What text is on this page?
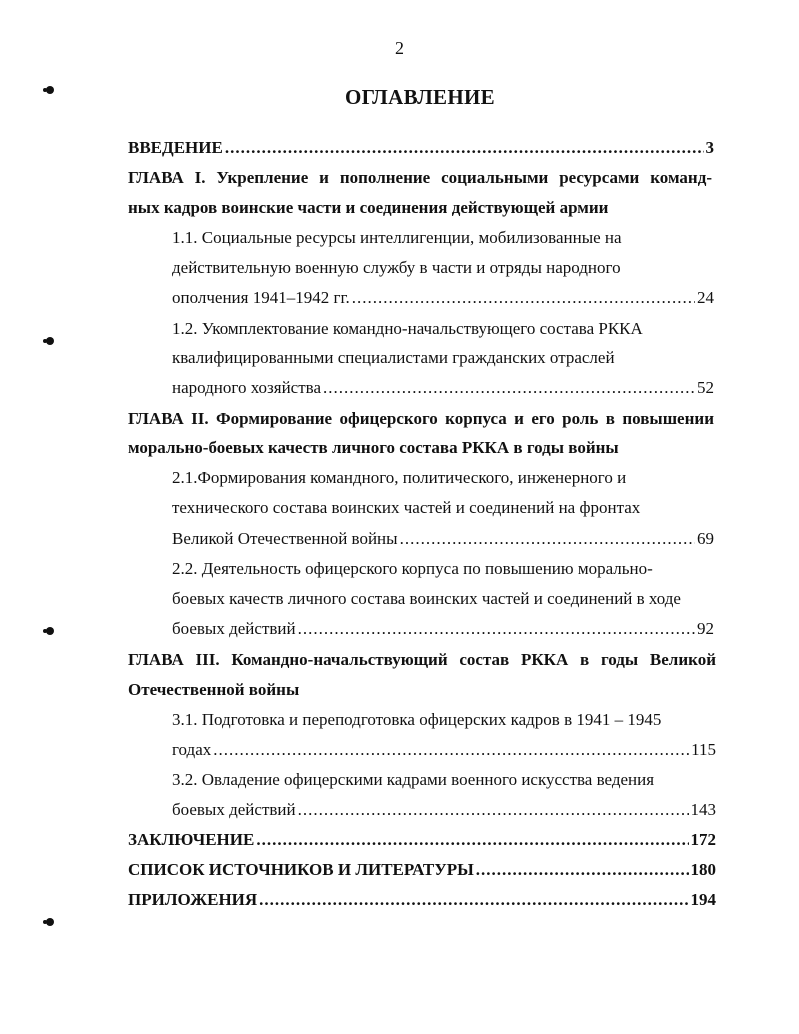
2
ОГЛАВЛЕНИЕ
ВВЕДЕНИЕ .....	3
ГЛАВА I. Укрепление и пополнение социальными ресурсами команд-
ных кадров воинские части и соединения действующей армии
1.1. Социальные ресурсы интеллигенции, мобилизованные на
действительную военную службу в части и отряды народного
ополчения 1941–1942 гг. .....	24
1.2. Укомплектование командно-начальствующего состава РККА
квалифицированными специалистами гражданских отраслей
народного хозяйства .....	52
ГЛАВА II. Формирование офицерского корпуса и его роль в повышении
морально-боевых качеств личного состава РККА в годы войны
2.1.Формирования командного, политического, инженерного и
технического состава воинских частей и соединений на фронтах
Великой Отечественной войны .....	69
2.2. Деятельность офицерского корпуса по повышению морально-
боевых качеств личного состава воинских частей и соединений в ходе
боевых действий .....	92
ГЛАВА III. Командно-начальствующий состав РККА в годы Великой
Отечественной войны
3.1. Подготовка и переподготовка офицерских кадров в 1941 – 1945
годах .....	115
3.2. Овладение офицерскими кадрами военного искусства ведения
боевых действий .....	143
ЗАКЛЮЧЕНИЕ .....	172
СПИСОК ИСТОЧНИКОВ И ЛИТЕРАТУРЫ .....	180
ПРИЛОЖЕНИЯ .....	194
